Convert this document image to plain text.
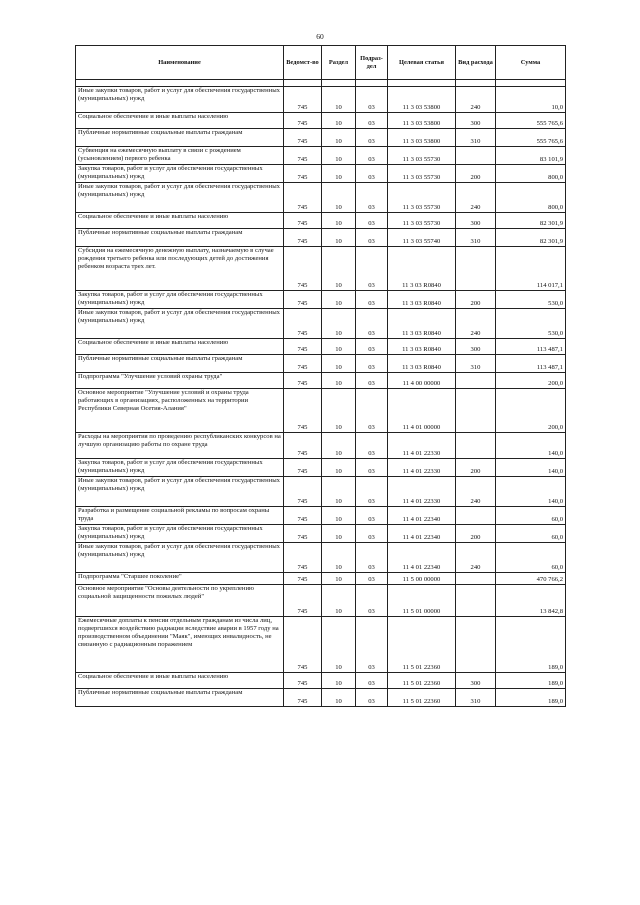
60
Наименование	Ведомст-во	Раздел	Подраз-дел	Целевая статья	Вид расхода	Сумма

Иные закупки товаров, работ и услуг для обеспечения государственных (муниципальных) нужд	745	10	03	11 3 03 53800	240	10,0
Социальное обеспечение и иные выплаты населению	745	10	03	11 3 03 53800	300	555 765,6
Публичные нормативные социальные выплаты гражданам	745	10	03	11 3 03 53800	310	555 765,6
Субвенция на ежемесячную выплату в связи с рождением (усыновлением) первого ребенка	745	10	03	11 3 03 55730		83 101,9
Закупка товаров, работ и услуг для обеспечения государственных (муниципальных) нужд	745	10	03	11 3 03 55730	200	800,0
Иные закупки товаров, работ и услуг для обеспечения государственных (муниципальных) нужд	745	10	03	11 3 03 55730	240	800,0
Социальное обеспечение и иные выплаты населению	745	10	03	11 3 03 55730	300	82 301,9
Публичные нормативные социальные выплаты гражданам	745	10	03	11 3 03 55740	310	82 301,9
Субсидия на ежемесячную денежную выплату, назначаемую в случае рождения третьего ребенка или последующих детей до достижения ребенком возраста трех лет.	745	10	03	11 3 03 R0840		114 017,1
Закупка товаров, работ и услуг для обеспечения государственных (муниципальных) нужд	745	10	03	11 3 03 R0840	200	530,0
Иные закупки товаров, работ и услуг для обеспечения государственных (муниципальных) нужд	745	10	03	11 3 03 R0840	240	530,0
Социальное обеспечение и иные выплаты населению	745	10	03	11 3 03 R0840	300	113 487,1
Публичные нормативные социальные выплаты гражданам	745	10	03	11 3 03 R0840	310	113 487,1
Подпрограмма "Улучшение условий охраны труда"	745	10	03	11 4 00 00000		200,0
Основное мероприятие "Улучшение условий и охраны труда работающих в организациях, расположенных на территории Республики Северная Осетия-Алания"	745	10	03	11 4 01 00000		200,0
Расходы на мероприятия по проведению республиканских конкурсов на лучшую организацию работы по охране труда	745	10	03	11 4 01 22330		140,0
Закупка товаров, работ и услуг для обеспечения государственных (муниципальных) нужд	745	10	03	11 4 01 22330	200	140,0
Иные закупки товаров, работ и услуг для обеспечения государственных (муниципальных) нужд	745	10	03	11 4 01 22330	240	140,0
Разработка и размещение социальной рекламы по вопросам охраны труда	745	10	03	11 4 01 22340		60,0
Закупка товаров, работ и услуг для обеспечения государственных (муниципальных) нужд	745	10	03	11 4 01 22340	200	60,0
Иные закупки товаров, работ и услуг для обеспечения государственных (муниципальных) нужд	745	10	03	11 4 01 22340	240	60,0
Подпрограмма "Старшее поколение"	745	10	03	11 5 00 00000		470 766,2
Основное мероприятие "Основы деятельности по укреплению социальной защищенности пожилых людей"	745	10	03	11 5 01 00000		13 842,8
Ежемесячные доплаты к пенсии отдельным гражданам из числа лиц, подвергшихся воздействию радиации вследствие аварии в 1957 году на производственном объединении "Маяк", имеющих инвалидность, не связанную с радиационным поражением	745	10	03	11 5 01 22360		189,0
Социальное обеспечение и иные выплаты населению	745	10	03	11 5 01 22360	300	189,0
Публичные нормативные социальные выплаты гражданам	745	10	03	11 5 01 22360	310	189,0
